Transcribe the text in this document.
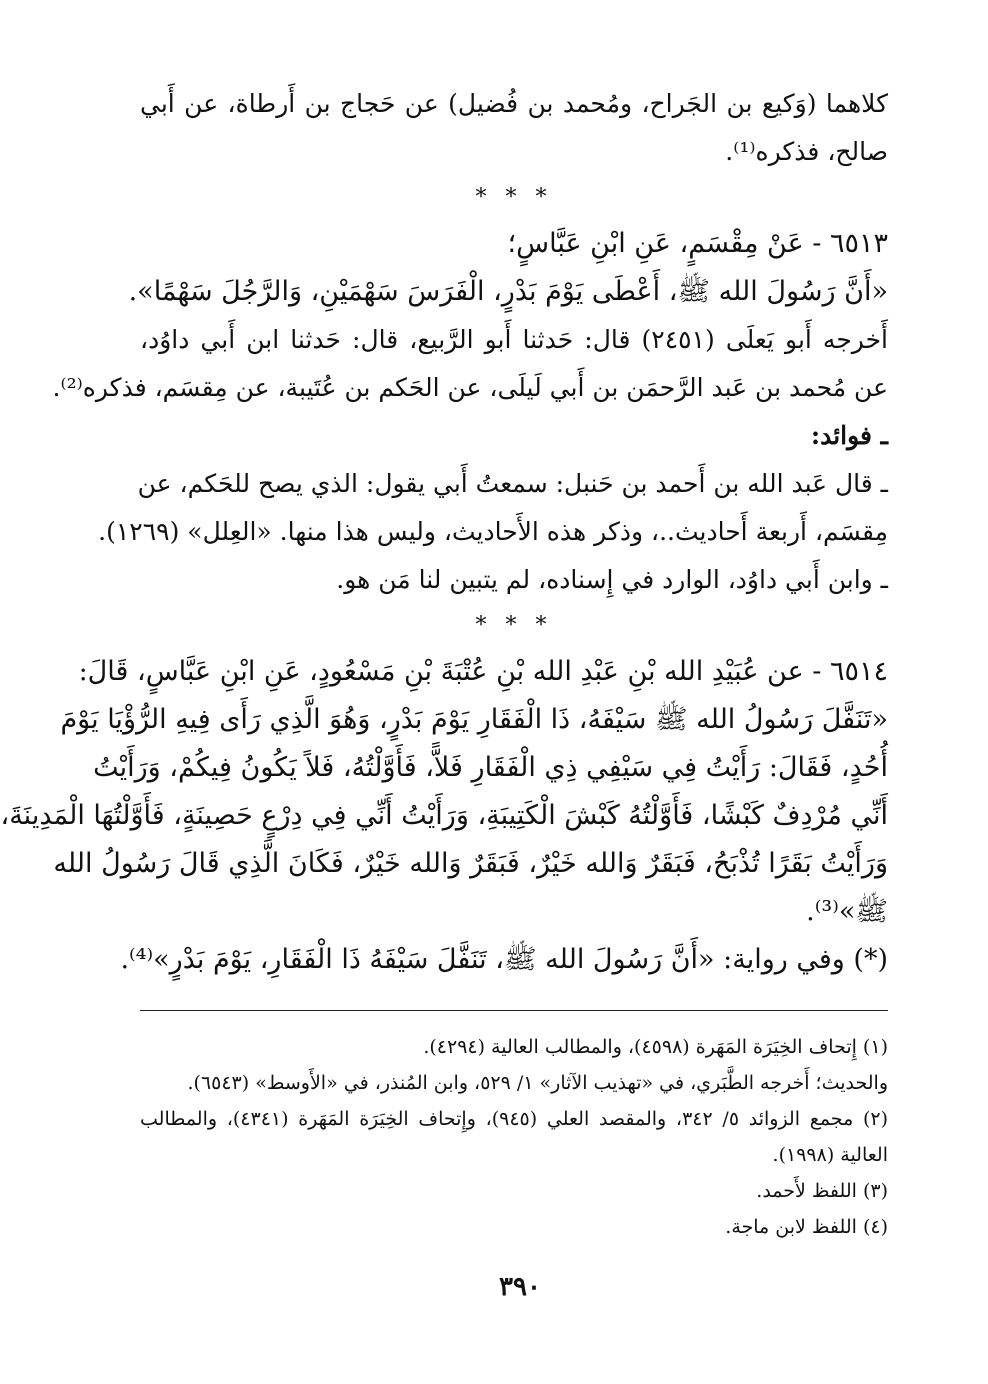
كلاهما (وَكيع بن الجَراح، ومُحمد بن فُضيل) عن حَجاج بن أَرطاة، عن أَبي
صالح، فذكره⁽¹⁾.
* * *
٦٥١٣ - عَنْ مِقْسَمٍ، عَنِ ابْنِ عَبَّاسٍ؛
«أَنَّ رَسُولَ الله ﷺ، أَعْطَى يَوْمَ بَدْرٍ، الْفَرَسَ سَهْمَيْنِ، وَالرَّجُلَ سَهْمًا».
أَخرجه أَبو يَعلَى (٢٤٥١) قال: حَدثنا أَبو الرَّبيع، قال: حَدثنا ابن أَبي داوُد،
عن مُحمد بن عَبد الرَّحمَن بن أَبي لَيلَى، عن الحَكم بن عُتَيبة، عن مِقسَم، فذكره⁽²⁾.
ـ فوائد:
ـ قال عَبد الله بن أَحمد بن حَنبل: سمعتُ أَبي يقول: الذي يصح للحَكم، عن
مِقسَم، أَربعة أَحاديث..، وذكر هذه الأَحاديث، وليس هذا منها. «العِلل» (١٢٦٩).
ـ وابن أَبي داوُد، الوارد في إِسناده، لم يتبين لنا مَن هو.
* * *
٦٥١٤ - عن عُبَيْدِ الله بْنِ عَبْدِ الله بْنِ عُتْبَةَ بْنِ مَسْعُودٍ، عَنِ ابْنِ عَبَّاسٍ، قَالَ:
«تَنَفَّلَ رَسُولُ الله ﷺ سَيْفَهُ، ذَا الْفَقَارِ يَوْمَ بَدْرٍ، وَهُوَ الَّذِي رَأَى فِيهِ الرُّؤْيَا يَوْمَ
أُحُدٍ، فَقَالَ: رَأَيْتُ فِي سَيْفِي ذِي الْفَقَارِ فَلاًّ، فَأَوَّلْتُهُ، فَلاً يَكُونُ فِيكُمْ، وَرَأَيْتُ
أَنِّي مُرْدِفٌ كَبْشًا، فَأَوَّلْتُهُ كَبْشَ الْكَتِيبَةِ، وَرَأَيْتُ أَنِّي فِي دِرْعٍ حَصِينَةٍ، فَأَوَّلْتُهَا الْمَدِينَةَ،
وَرَأَيْتُ بَقَرًا تُذْبَحُ، فَبَقَرٌ وَالله خَيْرٌ، فَبَقَرٌ وَالله خَيْرٌ، فَكَانَ الَّذِي قَالَ رَسُولُ الله
ﷺ»⁽³⁾.
(*) وفي رواية: «أَنَّ رَسُولَ الله ﷺ، تَنَفَّلَ سَيْفَهُ ذَا الْفَقَارِ، يَوْمَ بَدْرٍ»⁽⁴⁾.
(١) إِتحاف الخِيَرَة المَهَرة (٤٥٩٨)، والمطالب العالية (٤٢٩٤).
والحديث؛ أَخرجه الطَّبَري، في «تهذيب الآثار» ١/ ٥٢٩، وابن المُنذر، في «الأَوسط» (٦٥٤٣).
(٢) مجمع الزوائد ٥/ ٣٤٢، والمقصد العلي (٩٤٥)، وإِتحاف الخِيَرَة المَهَرة (٤٣٤١)، والمطالب
العالية (١٩٩٨).
(٣) اللفظ لأَحمد.
(٤) اللفظ لابن ماجة.
٣٩٠
